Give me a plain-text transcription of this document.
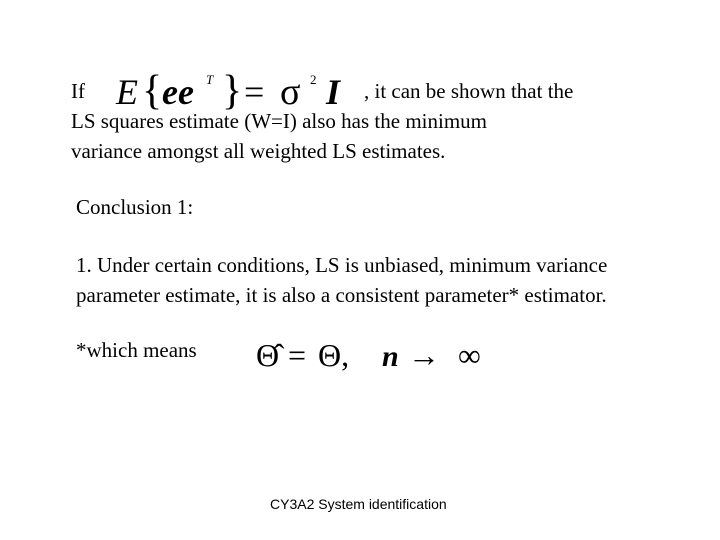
If E { ee T } = σ 2 I , it can be shown that the
LS squares estimate (W=I) also has the minimum
variance amongst all weighted LS estimates.
Conclusion 1:
1. Under certain conditions, LS is unbiased, minimum variance
parameter estimate, it is also a consistent parameter* estimator.
*which means Θ̂ = Θ, n → ∞
CY3A2 System identification
